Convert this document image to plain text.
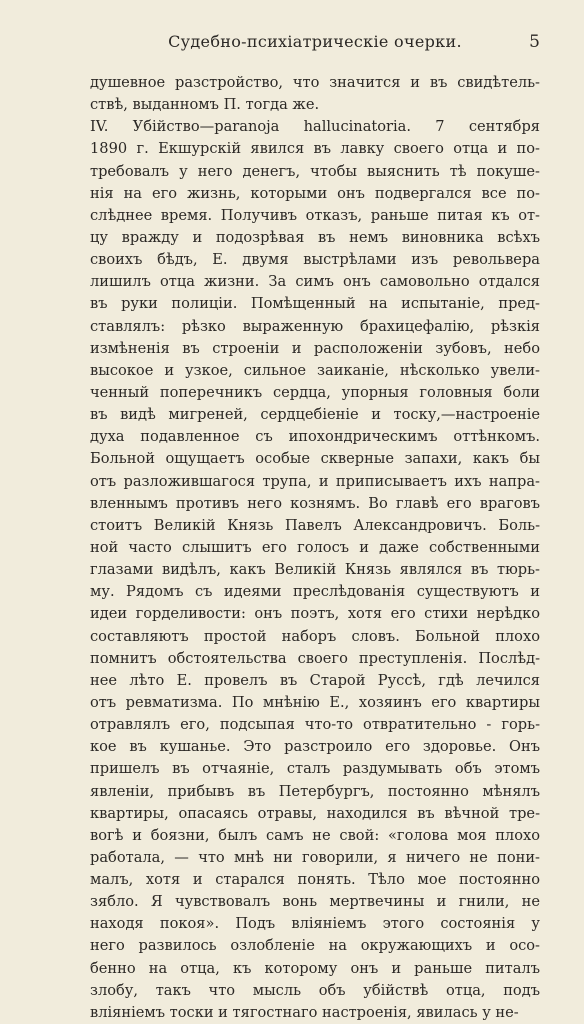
Судебно-психіатрическіе очерки.	5
душевное разстройство, что значится и въ свидѣтель-
ствѣ, выданномъ П. тогда же.
IV. Убійство—paranoja hallucinatoria. 7 сентября
1890 г. Екшурскій явился въ лавку своего отца и по-
требовалъ у него денегъ, чтобы выяснить тѣ покуше-
нія на его жизнь, которыми онъ подвергался все по-
слѣднее время. Получивъ отказъ, раньше питая къ от-
цу вражду и подозрѣвая въ немъ виновника всѣхъ
своихъ бѣдъ, Е. двумя выстрѣлами изъ револьвера
лишилъ отца жизни. За симъ онъ самовольно отдался
въ руки полиціи. Помѣщенный на испытаніе, пред-
ставлялъ: рѣзко выраженную брахицефалію, рѣзкія
измѣненія въ строеніи и расположеніи зубовъ, небо
высокое и узкое, сильное заиканіе, нѣсколько увели-
ченный поперечникъ сердца, упорныя головныя боли
въ видѣ мигреней, сердцебіеніе и тоску,—настроеніе
духа подавленное съ ипохондрическимъ оттѣнкомъ.
Больной ощущаетъ особые скверные запахи, какъ бы
отъ разложившагося трупа, и приписываетъ ихъ напра-
вленнымъ противъ него кознямъ. Во главѣ его враговъ
стоитъ Великій Князь Павелъ Александровичъ. Боль-
ной часто слышитъ его голосъ и даже собственными
глазами видѣлъ, какъ Великій Князь являлся въ тюрь-
му. Рядомъ съ идеями преслѣдованія существуютъ и
идеи горделивости: онъ поэтъ, хотя его стихи нерѣдко
составляютъ простой наборъ словъ. Больной плохо
помнитъ обстоятельства своего преступленія. Послѣд-
нее лѣто Е. провелъ въ Старой Руссѣ, гдѣ лечился
отъ ревматизма. По мнѣнію Е., хозяинъ его квартиры
отравлялъ его, подсыпая что-то отвратительно - горь-
кое въ кушанье. Это разстроило его здоровье. Онъ
пришелъ въ отчаяніе, сталъ раздумывать объ этомъ
явленіи, прибывъ въ Петербургъ, постоянно мѣнялъ
квартиры, опасаясь отравы, находился въ вѣчной тре-
вогѣ и боязни, былъ самъ не свой: «голова моя плохо
работала, — что мнѣ ни говорили, я ничего не пони-
малъ, хотя и старался понять. Тѣло мое постоянно
зябло. Я чувствовалъ вонь мертвечины и гнили, не
находя покоя». Подъ вліяніемъ этого состоянія у
него развилось озлобленіе на окружающихъ и осо-
бенно на отца, къ которому онъ и раньше питалъ
злобу, такъ что мысль объ убійствѣ отца, подъ
вліяніемъ тоски и тягостнаго настроенія, явилась у не-
